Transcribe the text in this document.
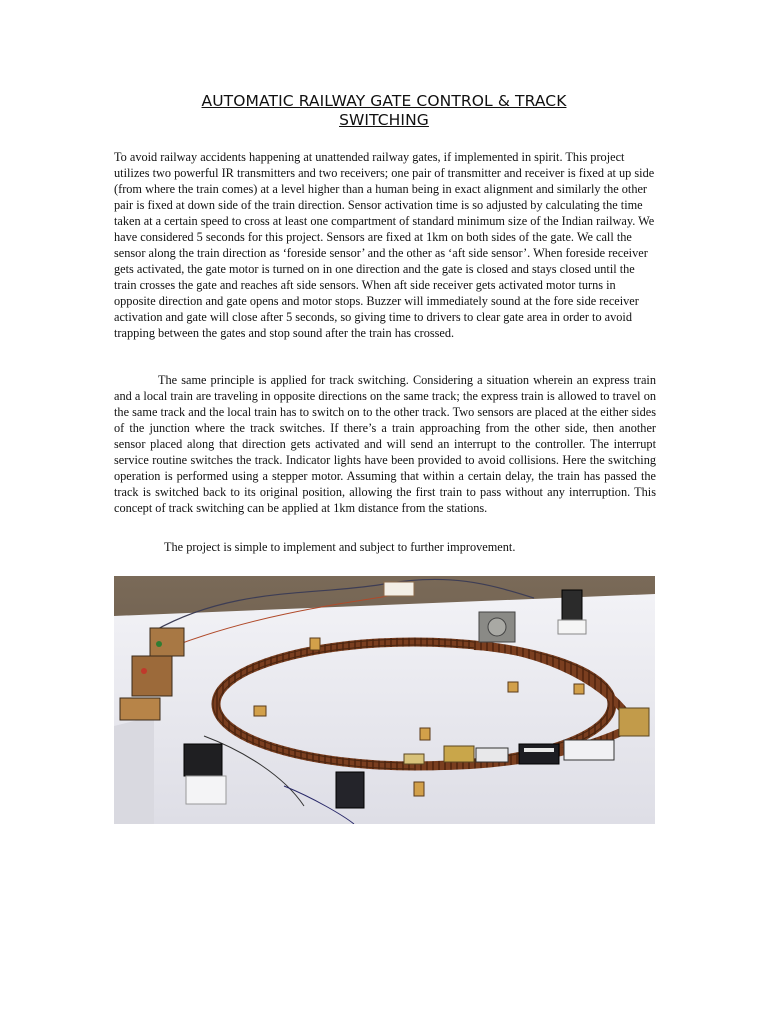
AUTOMATIC RAILWAY GATE CONTROL & TRACK
SWITCHING

To avoid railway accidents happening at unattended railway gates, if implemented in spirit. This project utilizes two powerful IR transmitters and two receivers; one pair of transmitter and receiver is fixed at up side (from where the train comes) at a level higher than a human being in exact alignment and similarly the other pair is fixed at down side of the train direction. Sensor activation time is so adjusted by calculating the time taken at a certain speed to cross at least one compartment of standard minimum size of the Indian railway. We have considered 5 seconds for this project. Sensors are fixed at 1km on both sides of the gate. We call the sensor along the train direction as ‘foreside sensor’ and the other as ‘aft side sensor’. When foreside receiver gets activated, the gate motor is turned on in one direction and the gate is closed and stays closed until the train crosses the gate and reaches aft side sensors. When aft side receiver gets activated motor turns in opposite direction and gate opens and motor stops. Buzzer will immediately sound at the fore side receiver activation and gate will close after 5 seconds, so giving time to drivers to clear gate area in order to avoid trapping between the gates and stop sound after the train has crossed.

The same principle is applied for track switching. Considering a situation wherein an express train and a local train are traveling in opposite directions on the same track; the express train is allowed to travel on the same track and the local train has to switch on to the other track. Two sensors are placed at the either sides of the junction where the track switches. If there’s a train approaching from the other side, then another sensor placed along that direction gets activated and will send an interrupt to the controller. The interrupt service routine switches the track. Indicator lights have been provided to avoid collisions. Here the switching operation is performed using a stepper motor. Assuming that within a certain delay, the train has passed the track is switched back to its original position, allowing the first train to pass without any interruption. This concept of track switching can be applied at 1km distance from the stations.

The project is simple to implement and subject to further improvement.
